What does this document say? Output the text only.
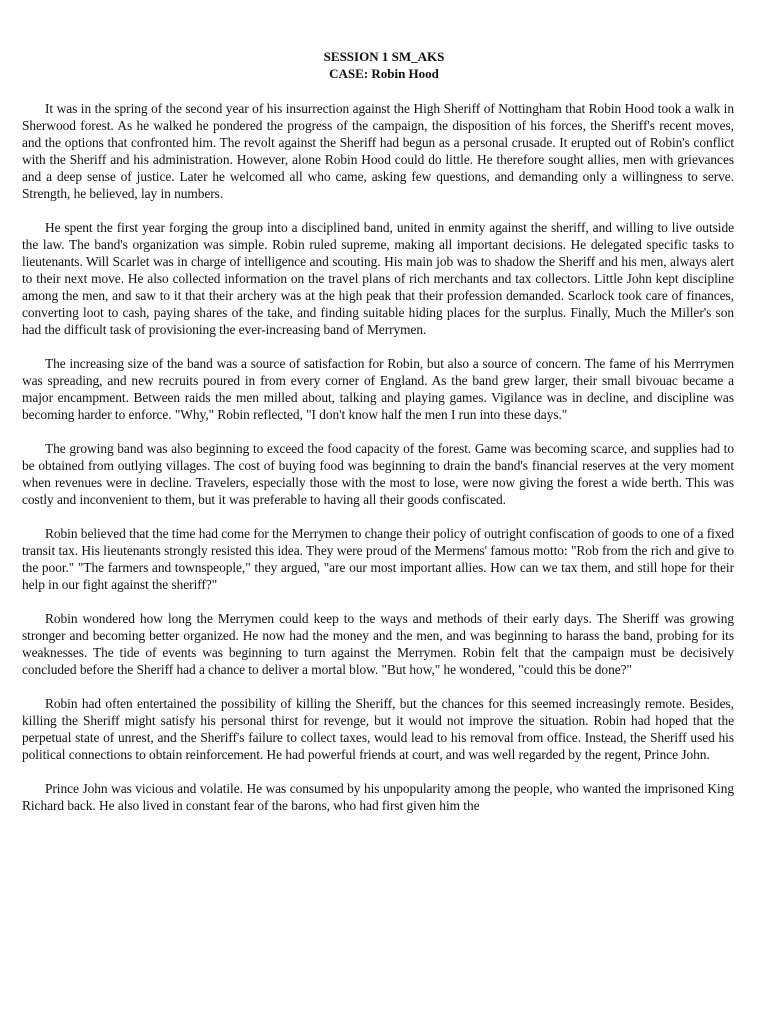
SESSION 1 SM_AKS

CASE: Robin Hood

It was in the spring of the second year of his insurrection against the High Sheriff of Nottingham that Robin Hood took a walk in Sherwood forest. As he walked he pondered the progress of the campaign, the disposition of his forces, the Sheriff's recent moves, and the options that confronted him. The revolt against the Sheriff had begun as a personal crusade. It erupted out of Robin's conflict with the Sheriff and his administration. However, alone Robin Hood could do little. He therefore sought allies, men with grievances and a deep sense of justice. Later he welcomed all who came, asking few questions, and demanding only a willingness to serve. Strength, he believed, lay in numbers.

He spent the first year forging the group into a disciplined band, united in enmity against the sheriff, and willing to live outside the law. The band's organization was simple. Robin ruled supreme, making all important decisions. He delegated specific tasks to lieutenants. Will Scarlet was in charge of intelligence and scouting. His main job was to shadow the Sheriff and his men, always alert to their next move. He also collected information on the travel plans of rich merchants and tax collectors. Little John kept discipline among the men, and saw to it that their archery was at the high peak that their profession demanded. Scarlock took care of finances, converting loot to cash, paying shares of the take, and finding suitable hiding places for the surplus. Finally, Much the Miller's son had the difficult task of provisioning the ever-increasing band of Merrymen.

The increasing size of the band was a source of satisfaction for Robin, but also a source of concern. The fame of his Merrrymen was spreading, and new recruits poured in from every corner of England. As the band grew larger, their small bivouac became a major encampment. Between raids the men milled about, talking and playing games. Vigilance was in decline, and discipline was becoming harder to enforce. "Why," Robin reflected, "I don't know half the men I run into these days."

The growing band was also beginning to exceed the food capacity of the forest. Game was becoming scarce, and supplies had to be obtained from outlying villages. The cost of buying food was beginning to drain the band's financial reserves at the very moment when revenues were in decline. Travelers, especially those with the most to lose, were now giving the forest a wide berth. This was costly and inconvenient to them, but it was preferable to having all their goods confiscated.

Robin believed that the time had come for the Merrymen to change their policy of outright confiscation of goods to one of a fixed transit tax. His lieutenants strongly resisted this idea. They were proud of the Mermens' famous motto: "Rob from the rich and give to the poor." "The farmers and townspeople," they argued, "are our most important allies. How can we tax them, and still hope for their help in our fight against the sheriff?"

Robin wondered how long the Merrymen could keep to the ways and methods of their early days. The Sheriff was growing stronger and becoming better organized. He now had the money and the men, and was beginning to harass the band, probing for its weaknesses. The tide of events was beginning to turn against the Merrymen. Robin felt that the campaign must be decisively concluded before the Sheriff had a chance to deliver a mortal blow. "But how," he wondered, "could this be done?"

Robin had often entertained the possibility of killing the Sheriff, but the chances for this seemed increasingly remote. Besides, killing the Sheriff might satisfy his personal thirst for revenge, but it would not improve the situation. Robin had hoped that the perpetual state of unrest, and the Sheriff's failure to collect taxes, would lead to his removal from office. Instead, the Sheriff used his political connections to obtain reinforcement. He had powerful friends at court, and was well regarded by the regent, Prince John.

Prince John was vicious and volatile. He was consumed by his unpopularity among the people, who wanted the imprisoned King Richard back. He also lived in constant fear of the barons, who had first given him the
